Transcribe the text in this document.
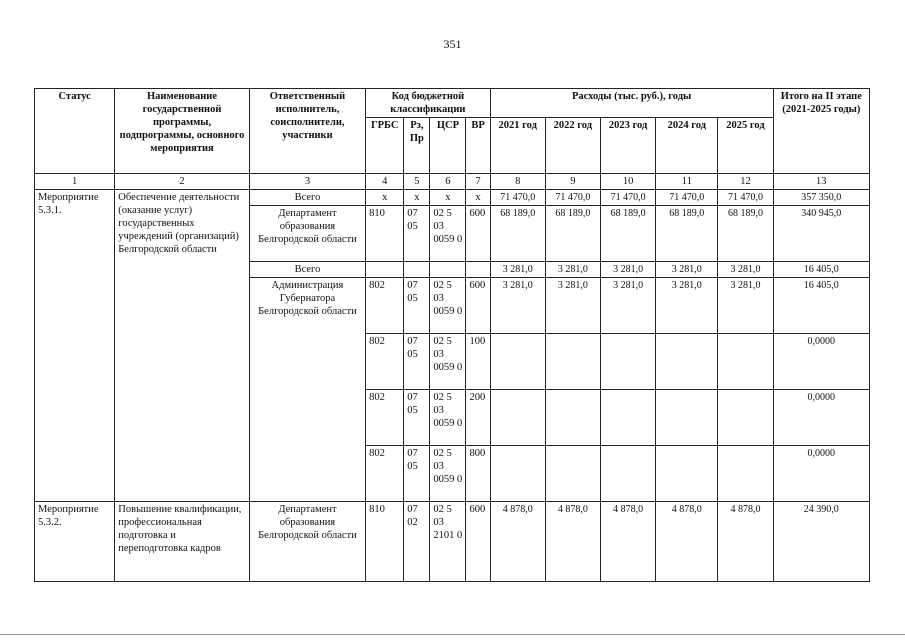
351
Статус	Наименование государственной программы, подпрограммы, основного мероприятия	Ответственный исполнитель, соисполнители, участники	Код бюджетной классификации				Расходы (тыс. руб.), годы					Итого на II этапе (2021-2025 годы)
			ГРБС	Рз, Пр	ЦСР	ВР	2021 год	2022 год	2023 год	2024 год	2025 год	
1	2	3	4	5	6	7	8	9	10	11	12	13
Мероприятие 5.3.1.	Обеспечение деятельности (оказание услуг) государственных учреждений (организаций) Белгородской области	Всего	x	x	x	x	71 470,0	71 470,0	71 470,0	71 470,0	71 470,0	357 350,0
		Департамент образования Белгородской области	810	07 05	02 5 03 0059 0	600	68 189,0	68 189,0	68 189,0	68 189,0	68 189,0	340 945,0
		Всего					3 281,0	3 281,0	3 281,0	3 281,0	3 281,0	16 405,0
		Администрация Губернатора Белгородской области	802	07 05	02 5 03 0059 0	600	3 281,0	3 281,0	3 281,0	3 281,0	3 281,0	16 405,0
			802	07 05	02 5 03 0059 0	100						0,0000
			802	07 05	02 5 03 0059 0	200						0,0000
			802	07 05	02 5 03 0059 0	800						0,0000
Мероприятие 5.3.2.	Повышение квалификации, профессиональная подготовка и переподготовка кадров	Департамент образования Белгородской области	810	07 02	02 5 03 2101 0	600	4 878,0	4 878,0	4 878,0	4 878,0	4 878,0	24 390,0
